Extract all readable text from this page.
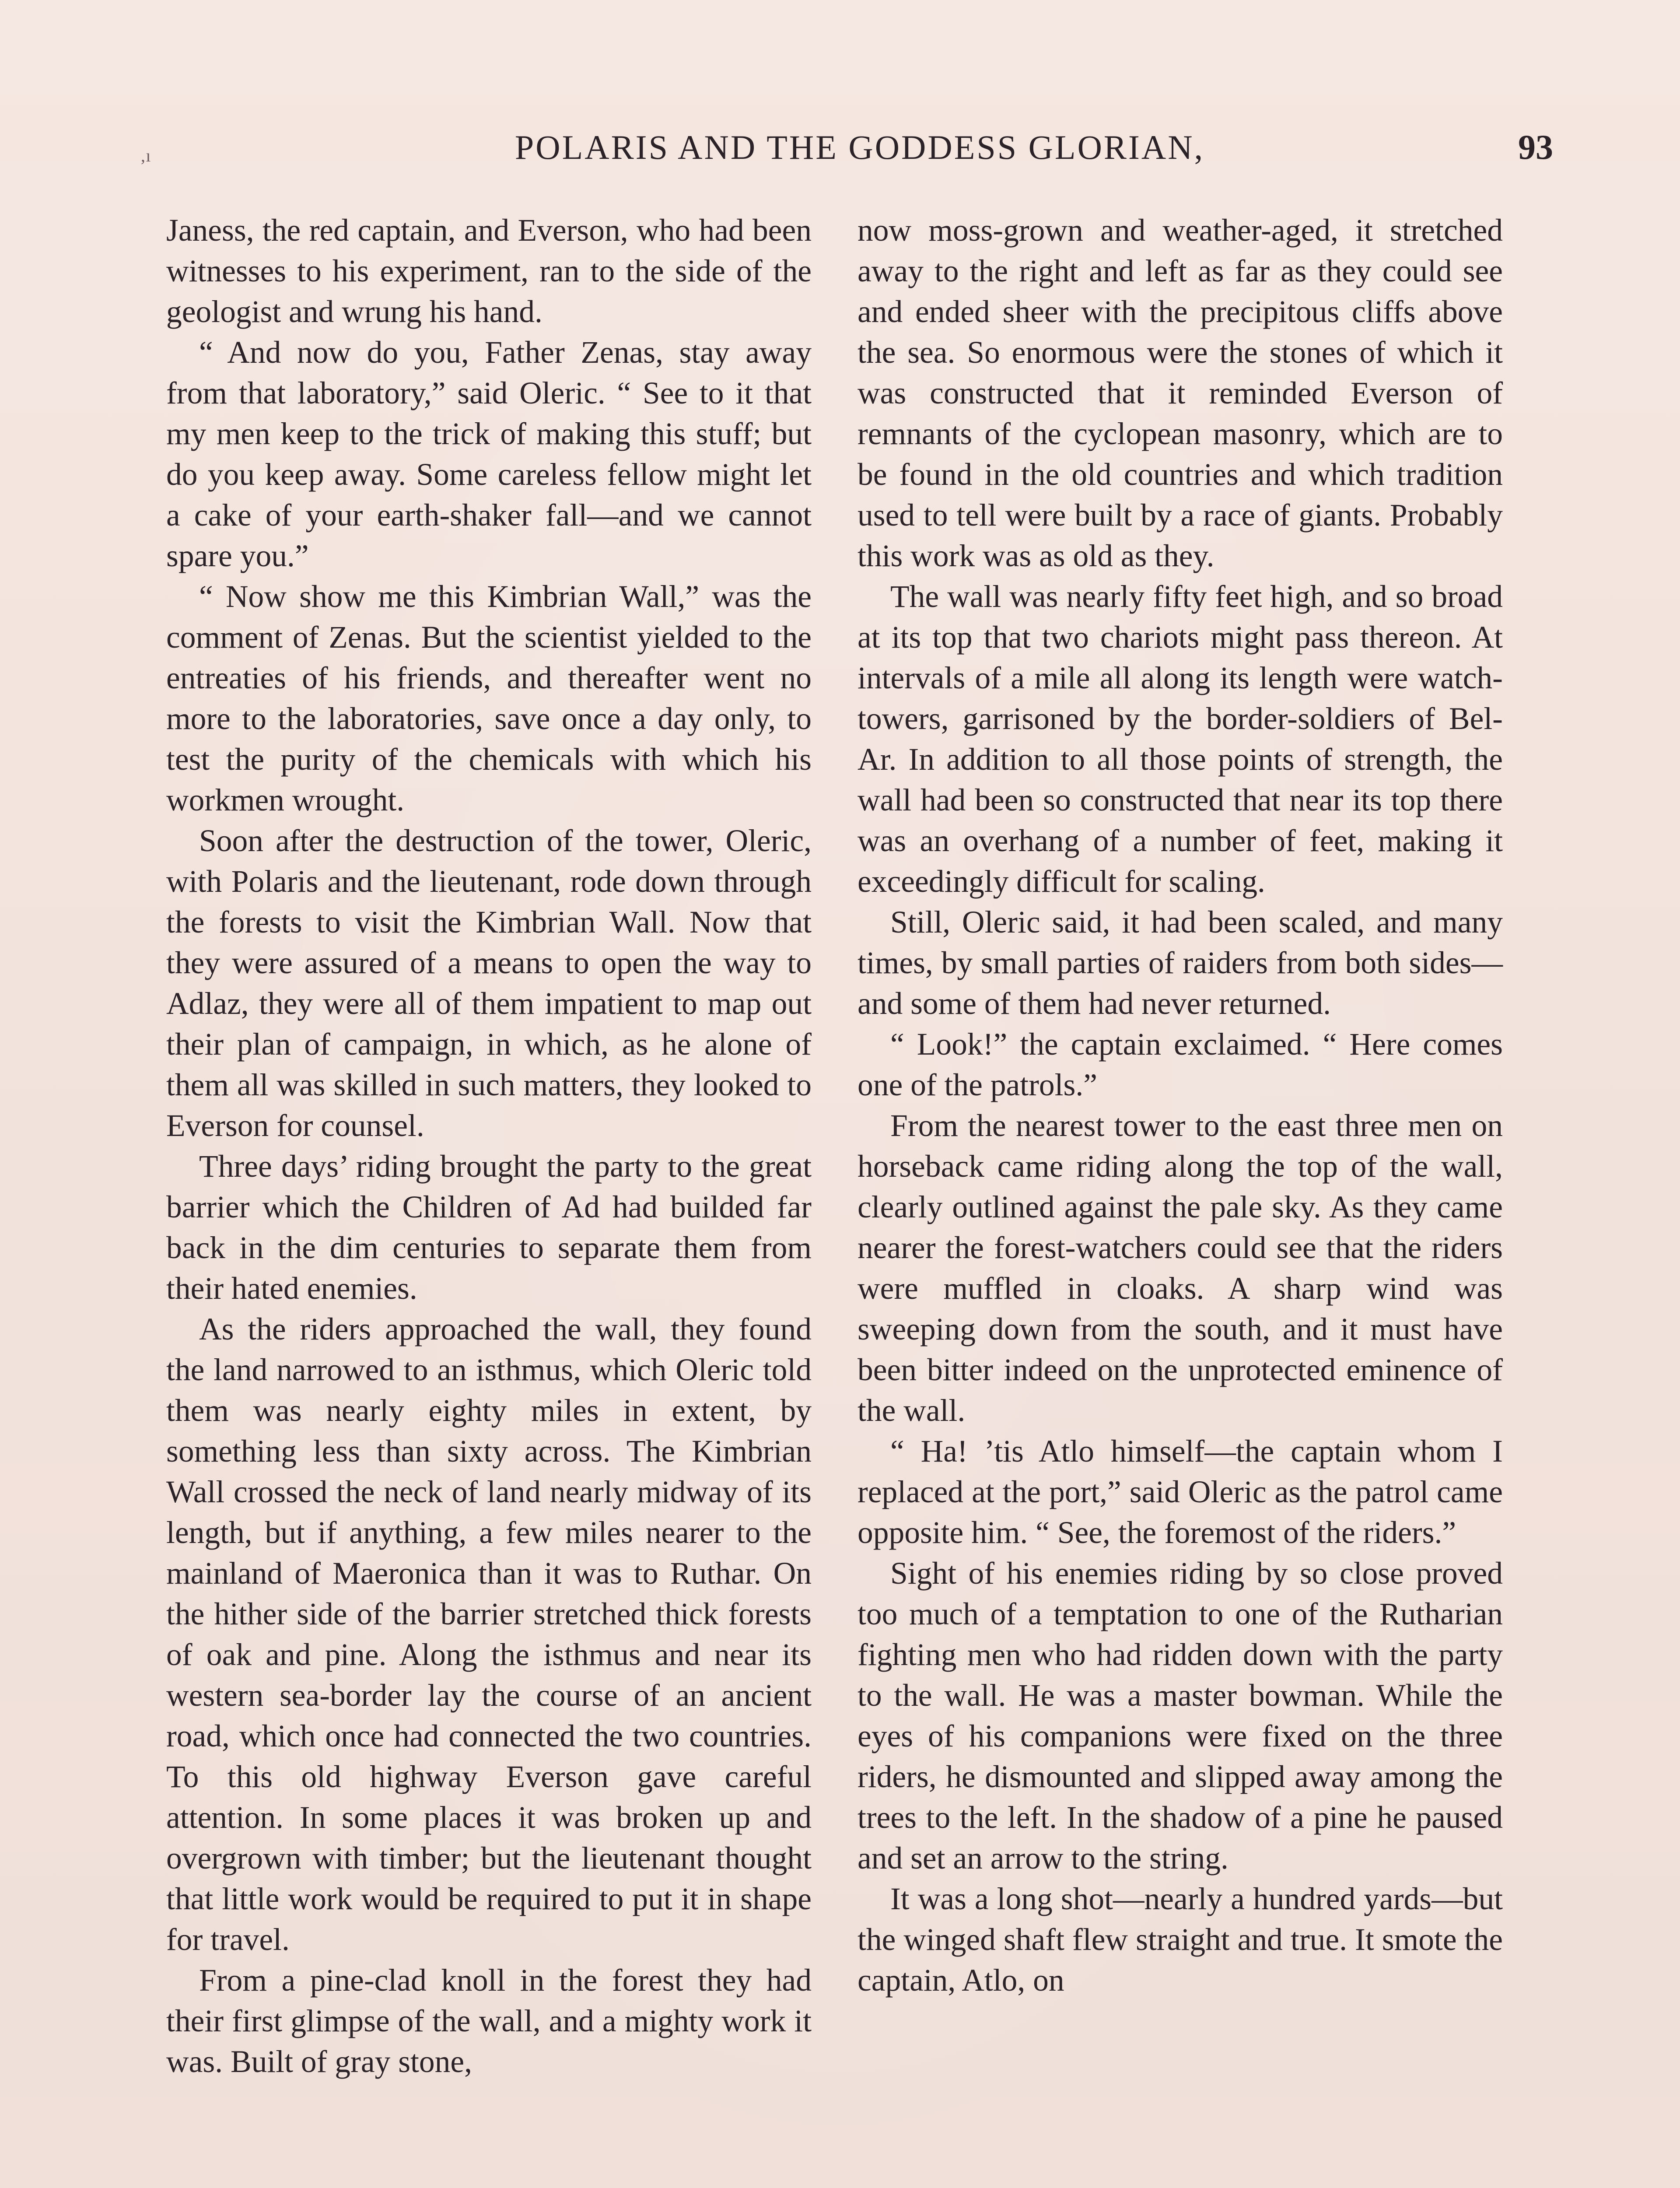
‚ı	POLARIS AND THE GODDESS GLORIAN,	93

Janess, the red captain, and Everson, who had been witnesses to his experiment, ran to the side of the geologist and wrung his hand.

“ And now do you, Father Zenas, stay away from that laboratory,” said Oleric. “ See to it that my men keep to the trick of making this stuff; but do you keep away. Some careless fellow might let a cake of your earth-shaker fall—and we cannot spare you.”

“ Now show me this Kimbrian Wall,” was the comment of Zenas. But the scientist yielded to the entreaties of his friends, and thereafter went no more to the laboratories, save once a day only, to test the purity of the chemicals with which his workmen wrought.

Soon after the destruction of the tower, Oleric, with Polaris and the lieutenant, rode down through the forests to visit the Kimbrian Wall. Now that they were assured of a means to open the way to Adlaz, they were all of them impatient to map out their plan of campaign, in which, as he alone of them all was skilled in such matters, they looked to Everson for counsel.

Three days’ riding brought the party to the great barrier which the Children of Ad had builded far back in the dim centuries to separate them from their hated enemies.

As the riders approached the wall, they found the land narrowed to an isthmus, which Oleric told them was nearly eighty miles in extent, by something less than sixty across. The Kimbrian Wall crossed the neck of land nearly midway of its length, but if anything, a few miles nearer to the mainland of Maeronica than it was to Ruthar. On the hither side of the barrier stretched thick forests of oak and pine. Along the isthmus and near its western sea-border lay the course of an ancient road, which once had connected the two countries. To this old highway Everson gave careful attention. In some places it was broken up and overgrown with timber; but the lieutenant thought that little work would be required to put it in shape for travel.

From a pine-clad knoll in the forest they had their first glimpse of the wall, and a mighty work it was. Built of gray stone,

now moss-grown and weather-aged, it stretched away to the right and left as far as they could see and ended sheer with the precipitous cliffs above the sea. So enormous were the stones of which it was constructed that it reminded Everson of remnants of the cyclopean masonry, which are to be found in the old countries and which tradition used to tell were built by a race of giants. Probably this work was as old as they.

The wall was nearly fifty feet high, and so broad at its top that two chariots might pass thereon. At intervals of a mile all along its length were watch-towers, garrisoned by the border-soldiers of Bel-Ar. In addition to all those points of strength, the wall had been so constructed that near its top there was an overhang of a number of feet, making it exceedingly difficult for scaling.

Still, Oleric said, it had been scaled, and many times, by small parties of raiders from both sides—and some of them had never returned.

“ Look!” the captain exclaimed. “ Here comes one of the patrols.”

From the nearest tower to the east three men on horseback came riding along the top of the wall, clearly outlined against the pale sky. As they came nearer the forest-watchers could see that the riders were muffled in cloaks. A sharp wind was sweeping down from the south, and it must have been bitter indeed on the unprotected eminence of the wall.

“ Ha! ’tis Atlo himself—the captain whom I replaced at the port,” said Oleric as the patrol came opposite him. “ See, the foremost of the riders.”

Sight of his enemies riding by so close proved too much of a temptation to one of the Rutharian fighting men who had ridden down with the party to the wall. He was a master bowman. While the eyes of his companions were fixed on the three riders, he dismounted and slipped away among the trees to the left. In the shadow of a pine he paused and set an arrow to the string.

It was a long shot—nearly a hundred yards—but the winged shaft flew straight and true. It smote the captain, Atlo, on
